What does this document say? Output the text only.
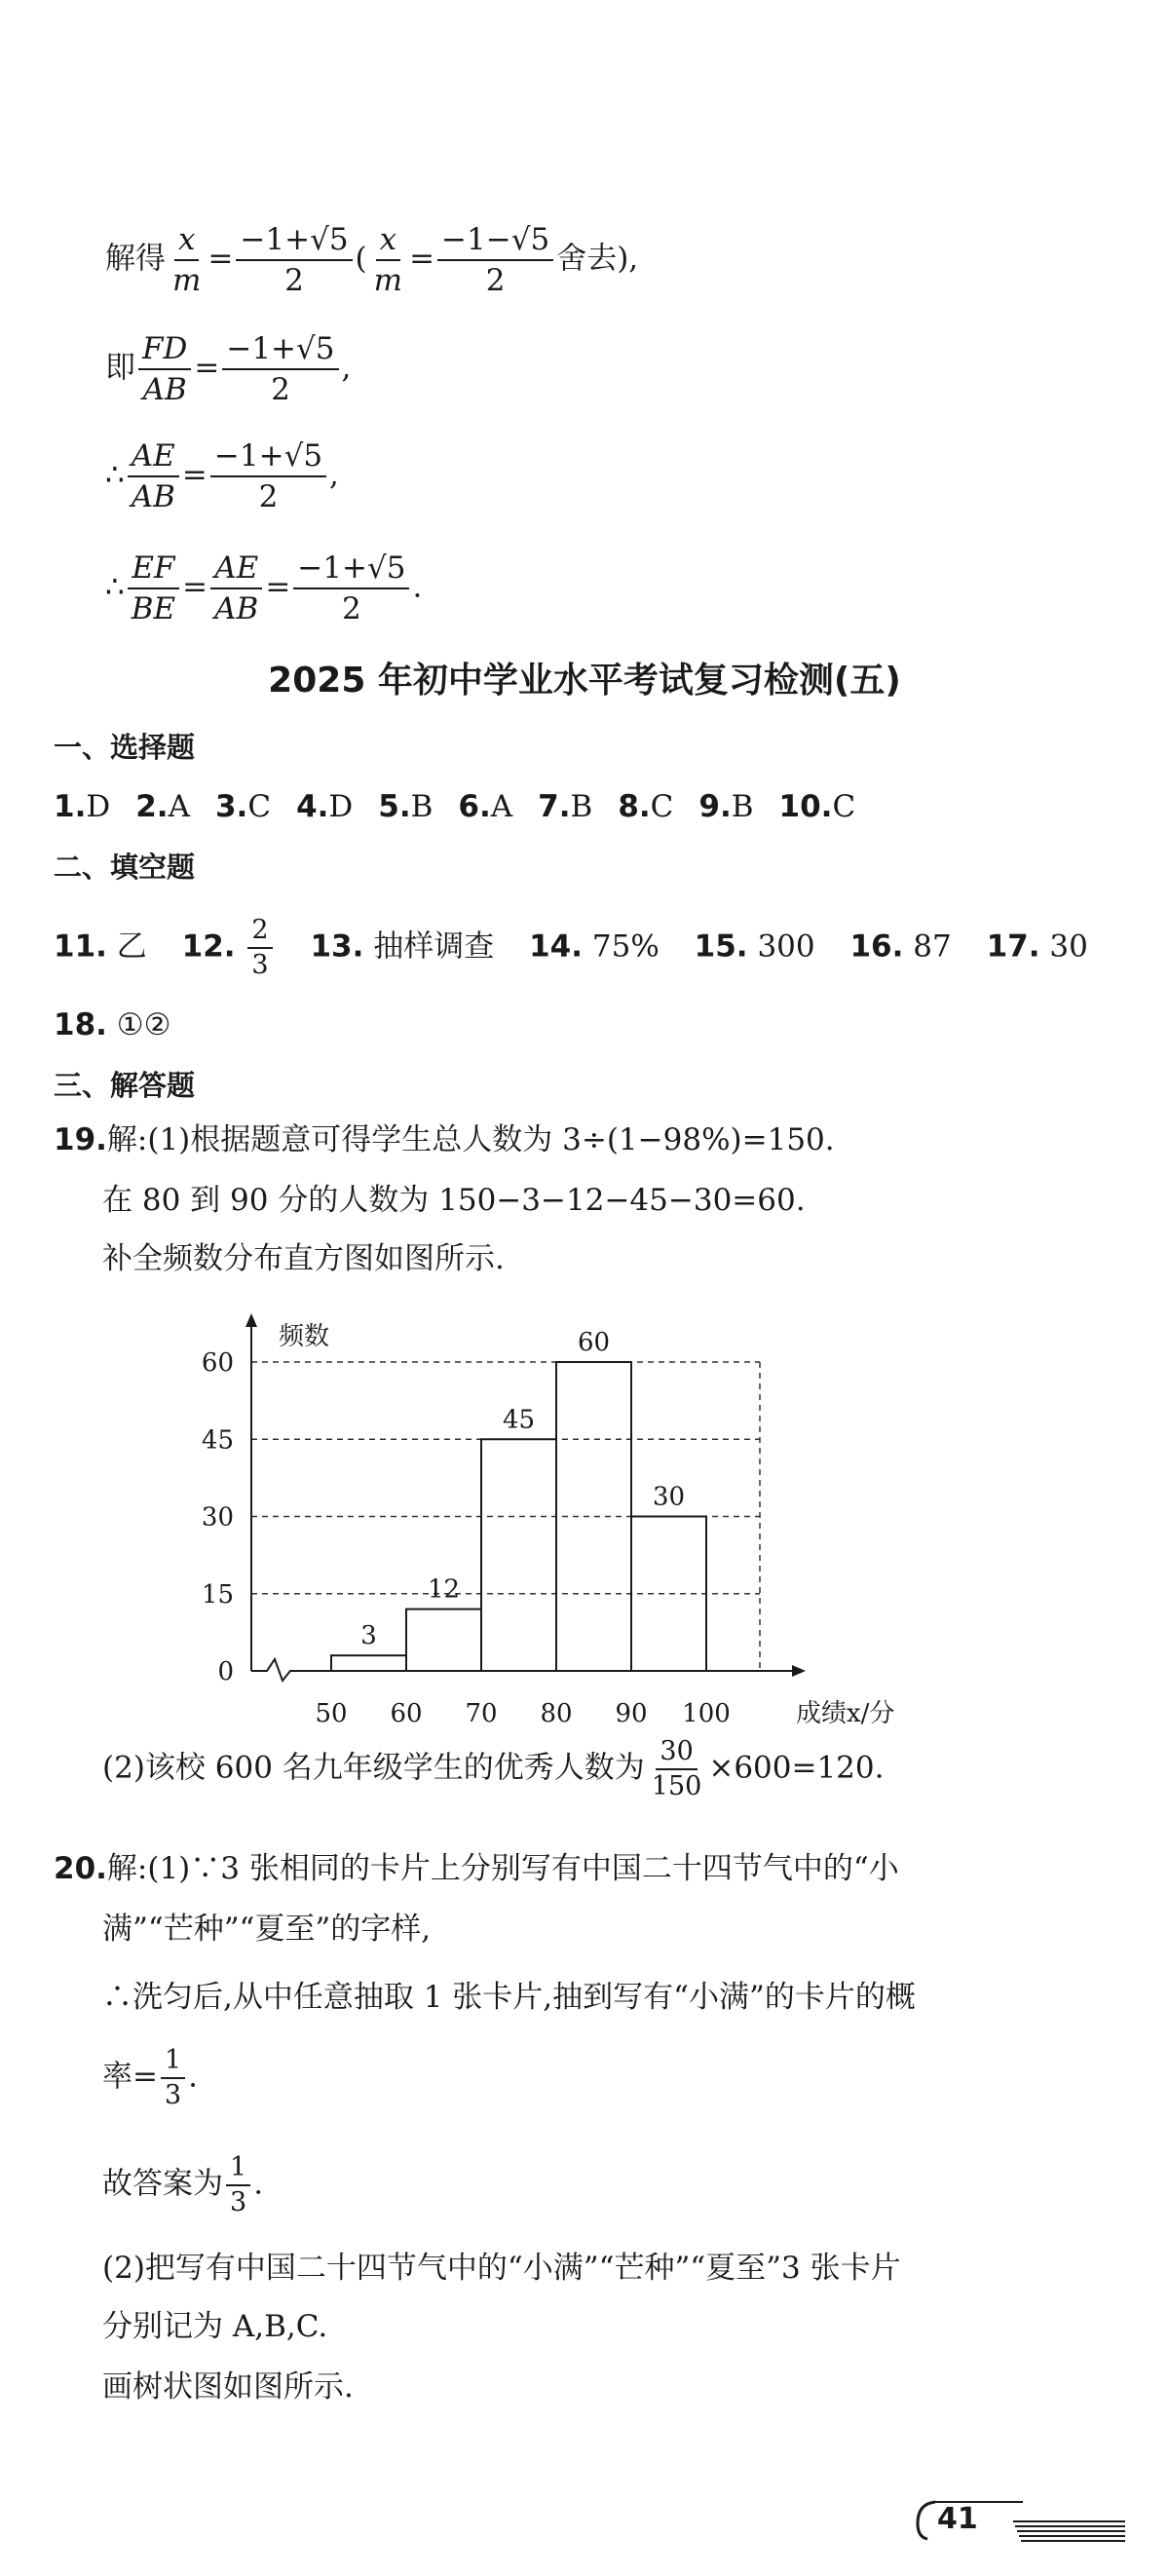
解得 $\frac{x}{m} = \frac{-1+√5}{2}$ ( $\frac{x}{m} = \frac{-1-√5}{2}$ 舍去),
即 $\frac{FD}{AB} = \frac{-1+√5}{2}$ ,
∴ $\frac{AE}{AB} = \frac{-1+√5}{2}$ ,
∴ $\frac{EF}{BE} = \frac{AE}{AB} = \frac{-1+√5}{2}$ .
2025 年初中学业水平考试复习检测(五)
一、选择题
1.D 2.A 3.C 4.D 5.B 6.A 7.B 8.C 9.B 10.C
二、填空题
11. 乙 12. $\frac{2}{3} 13$. 抽样调查 14. 75% 15. 300 16. 87 17. 30
18. ①②
三、解答题
19.解:(1)根据题意可得学生总人数为 3÷(1−98%)=150.
在 80 到 90 分的人数为 150−3−12−45−30=60.
补全频数分布直方图如图所示.
0
15
30
45
60
50 60 70 80 90 100
3
12
45
60
30
频数
成绩x/分
(2)该校 600 名九年级学生的优秀人数为 $\frac{30}{150} \times 600=120$.
20.解:(1)∵3 张相同的卡片上分别写有中国二十四节气中的“小
满”“芒种”“夏至”的字样,
∴洗匀后,从中任意抽取 1 张卡片,抽到写有“小满”的卡片的概
率= $\frac{1}{3}$ .
故答案为 $\frac{1}{3}$ .
(2)把写有中国二十四节气中的“小满”“芒种”“夏至”3 张卡片
分别记为 A,B,C.
画树状图如图所示.
41
